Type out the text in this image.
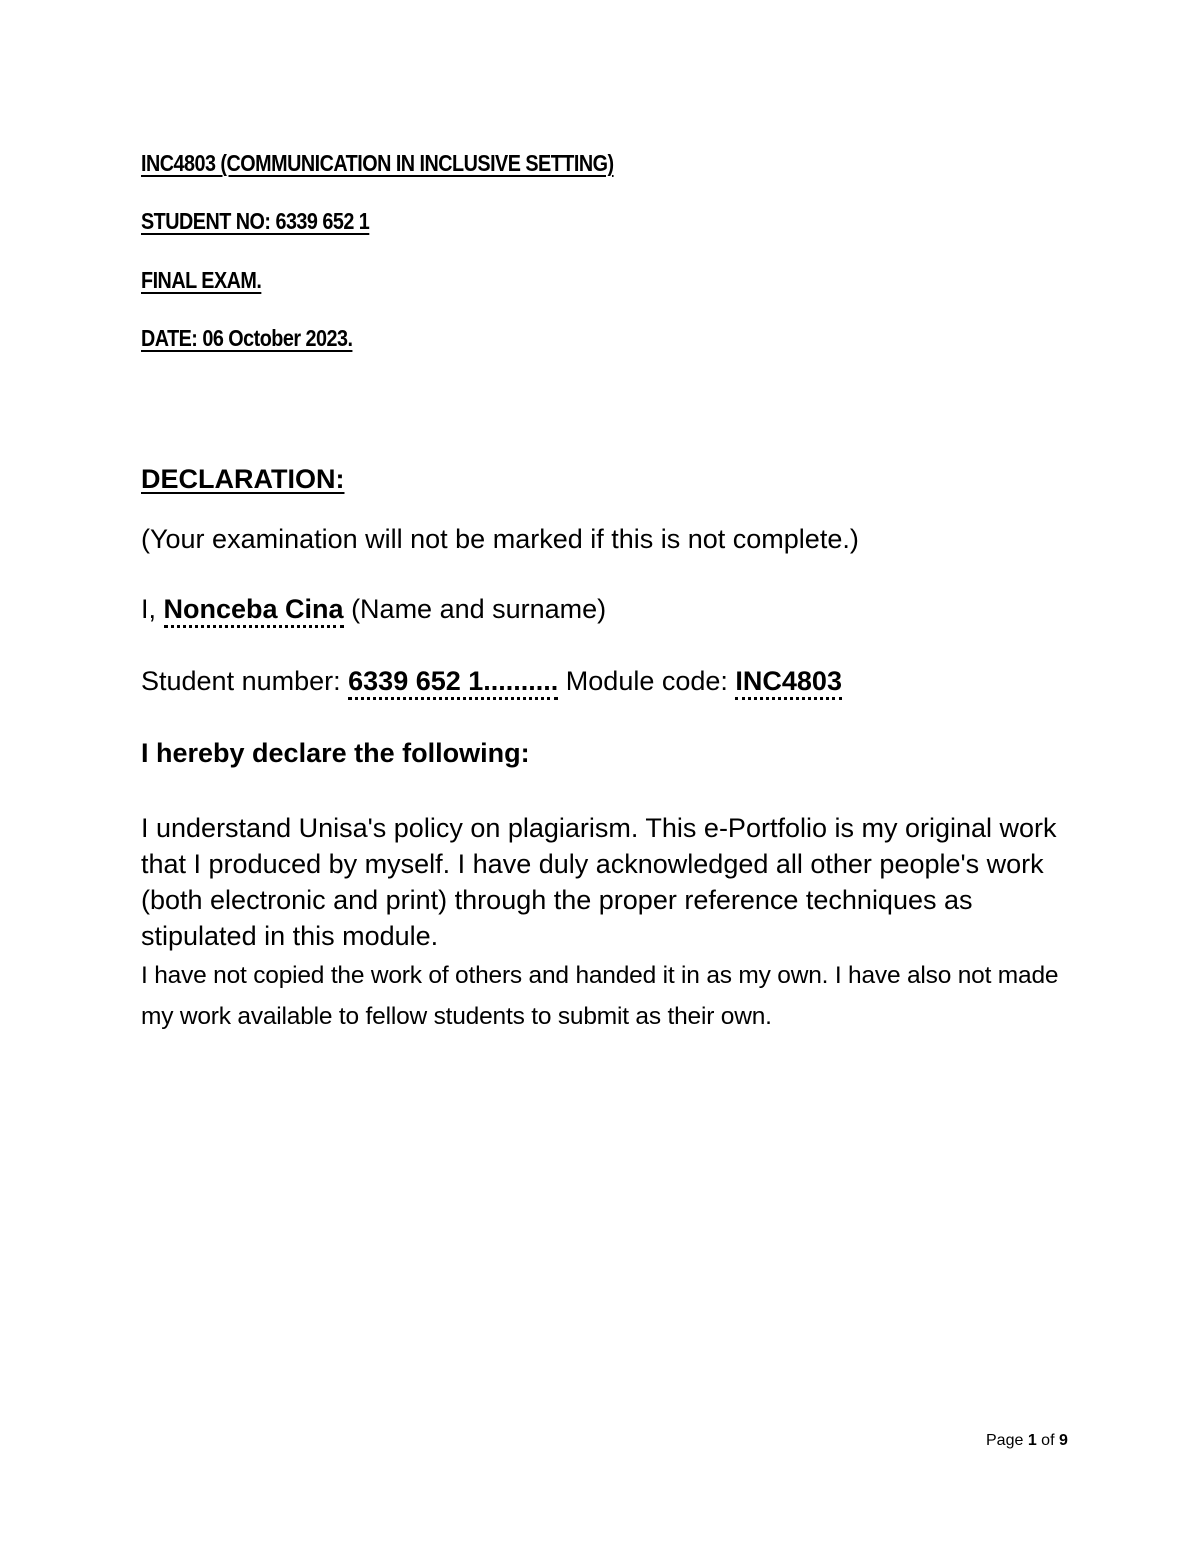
INC4803 (COMMUNICATION IN INCLUSIVE SETTING)
STUDENT NO: 6339 652 1
FINAL EXAM.
DATE: 06 October 2023.
DECLARATION:
(Your examination will not be marked if this is not complete.)
I, Nonceba Cina (Name and surname)
Student number: 6339 652 1.......... Module code: INC4803
I hereby declare the following:
I understand Unisa's policy on plagiarism. This e-Portfolio is my original work that I produced by myself. I have duly acknowledged all other people's work (both electronic and print) through the proper reference techniques as stipulated in this module.
I have not copied the work of others and handed it in as my own. I have also not made my work available to fellow students to submit as their own.
Page 1 of 9
